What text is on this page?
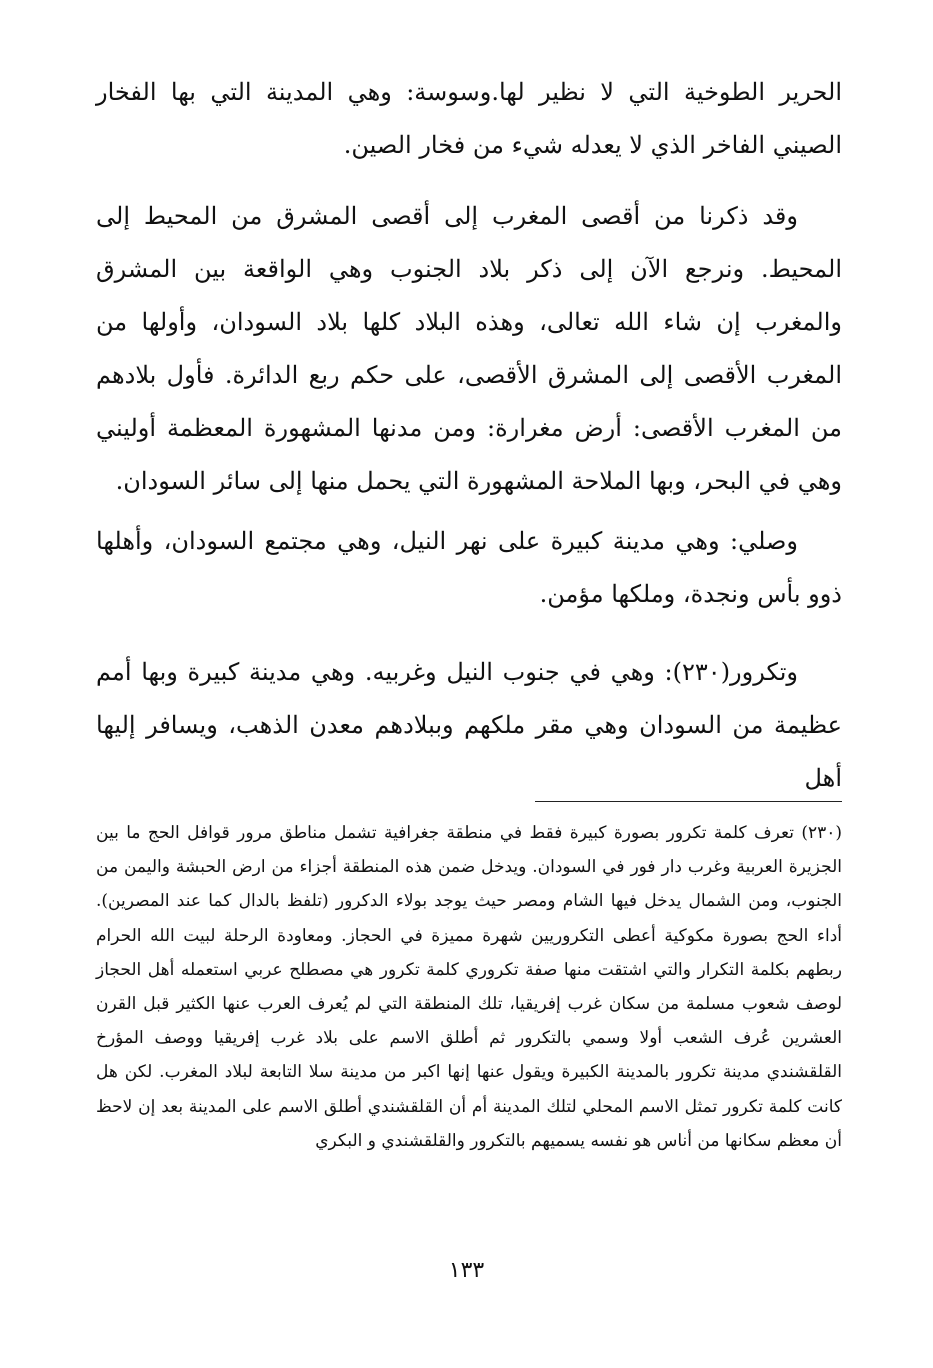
الحرير الطوخية التي لا نظير لها.وسوسة: وهي المدينة التي بها الفخار الصيني الفاخر الذي لا يعدله شيء من فخار الصين.

وقد ذكرنا من أقصى المغرب إلى أقصى المشرق من المحيط إلى المحيط. ونرجع الآن إلى ذكر بلاد الجنوب وهي الواقعة بين المشرق والمغرب إن شاء الله تعالى، وهذه البلاد كلها بلاد السودان، وأولها من المغرب الأقصى إلى المشرق الأقصى، على حكم ربع الدائرة. فأول بلادهم من المغرب الأقصى: أرض مغرارة: ومن مدنها المشهورة المعظمة أوليني وهي في البحر، وبها الملاحة المشهورة التي يحمل منها إلى سائر السودان.

وصلي: وهي مدينة كبيرة على نهر النيل، وهي مجتمع السودان، وأهلها ذوو بأس ونجدة، وملكها مؤمن.

وتكرور(٢٣٠): وهي في جنوب النيل وغربيه. وهي مدينة كبيرة وبها أمم عظيمة من السودان وهي مقر ملكهم وببلادهم معدن الذهب، ويسافر إليها أهل

(٢٣٠) تعرف كلمة تكرور بصورة كبيرة فقط في منطقة جغرافية تشمل مناطق مرور قوافل الحج ما بين الجزيرة العربية وغرب دار فور في السودان. ويدخل ضمن هذه المنطقة أجزاء من ارض الحبشة واليمن من الجنوب، ومن الشمال يدخل فيها الشام ومصر حيث يوجد بولاء الدكرور (تلفظ بالدال كما عند المصرين). أداء الحج بصورة مكوكية أعطى التكروريين شهرة مميزة في الحجاز. ومعاودة الرحلة لبيت الله الحرام ربطهم بكلمة التكرار والتي اشتقت منها صفة تكروري كلمة تكرور هي مصطلح عربي استعمله أهل الحجاز لوصف شعوب مسلمة من سكان غرب إفريقيا، تلك المنطقة التي لم يُعرف العرب عنها الكثير قبل القرن العشرين عُرف الشعب أولا وسمي بالتكرور ثم أطلق الاسم على بلاد غرب إفريقيا ووصف المؤرخ القلقشندي مدينة تكرور بالمدينة الكبيرة ويقول عنها إنها اكبر من مدينة سلا التابعة لبلاد المغرب. لكن هل كانت كلمة تكرور تمثل الاسم المحلي لتلك المدينة أم أن القلقشندي أطلق الاسم على المدينة بعد إن لاحظ أن معظم سكانها من أناس هو نفسه يسميهم بالتكرور والقلقشندي و البكري

١٣٣
